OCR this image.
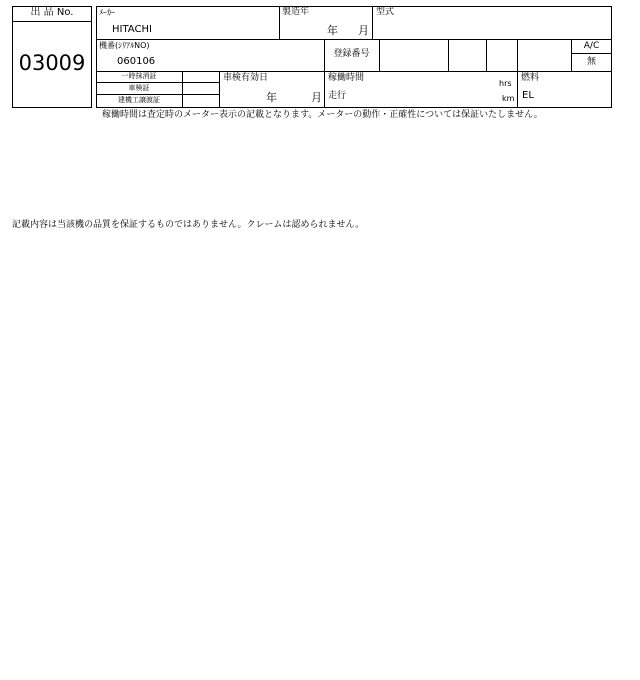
出 品 No.
03009
ﾒｰｶｰ
HITACHI
製造年
年 月
型式
機番(ｼﾘｱﾙNO)
060106
登録番号
A/C
無
一時抹消証
車検証
建機工譲渡証
車検有効日
年	月
稼働時間
hrs
走行	km
燃料
EL
稼働時間は査定時のメーター表示の記載となります。メーターの動作・正確性については保証いたしません。
記載内容は当該機の品質を保証するものではありません。クレームは認められません。
